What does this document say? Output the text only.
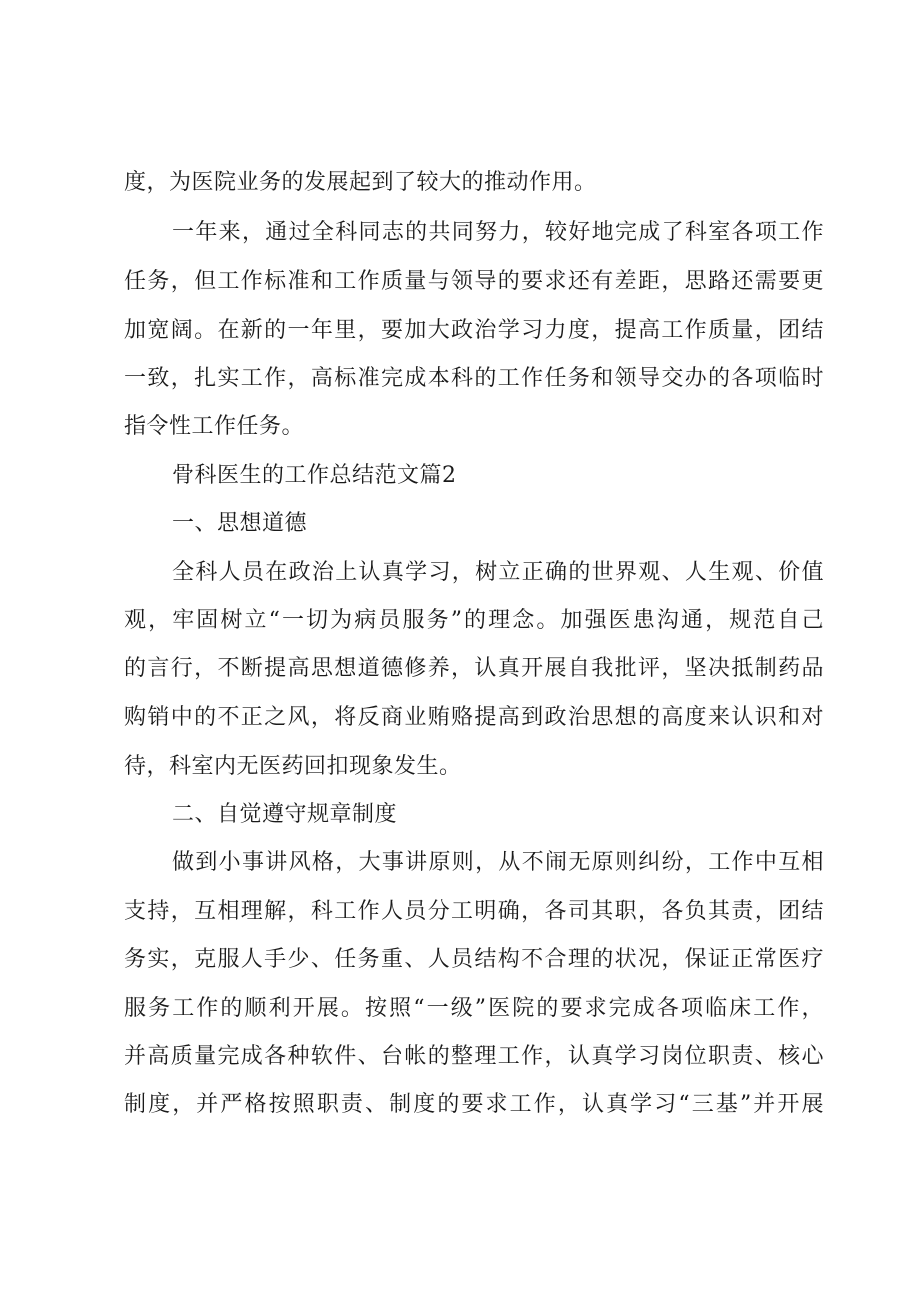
度，为医院业务的发展起到了较大的推动作用。

一年来，通过全科同志的共同努力，较好地完成了科室各项工作

任务，但工作标准和工作质量与领导的要求还有差距，思路还需要更

加宽阔。在新的一年里，要加大政治学习力度，提高工作质量，团结

一致，扎实工作，高标准完成本科的工作任务和领导交办的各项临时

指令性工作任务。

骨科医生的工作总结范文篇2

一、思想道德

全科人员在政治上认真学习，树立正确的世界观、人生观、价值

观，牢固树立“一切为病员服务”的理念。加强医患沟通，规范自己

的言行，不断提高思想道德修养，认真开展自我批评，坚决抵制药品

购销中的不正之风，将反商业贿赂提高到政治思想的高度来认识和对

待，科室内无医药回扣现象发生。

二、自觉遵守规章制度

做到小事讲风格，大事讲原则，从不闹无原则纠纷，工作中互相

支持，互相理解，科工作人员分工明确，各司其职，各负其责，团结

务实，克服人手少、任务重、人员结构不合理的状况，保证正常医疗

服务工作的顺利开展。按照“一级”医院的要求完成各项临床工作，

并高质量完成各种软件、台帐的整理工作，认真学习岗位职责、核心

制度，并严格按照职责、制度的要求工作，认真学习“三基”并开展
